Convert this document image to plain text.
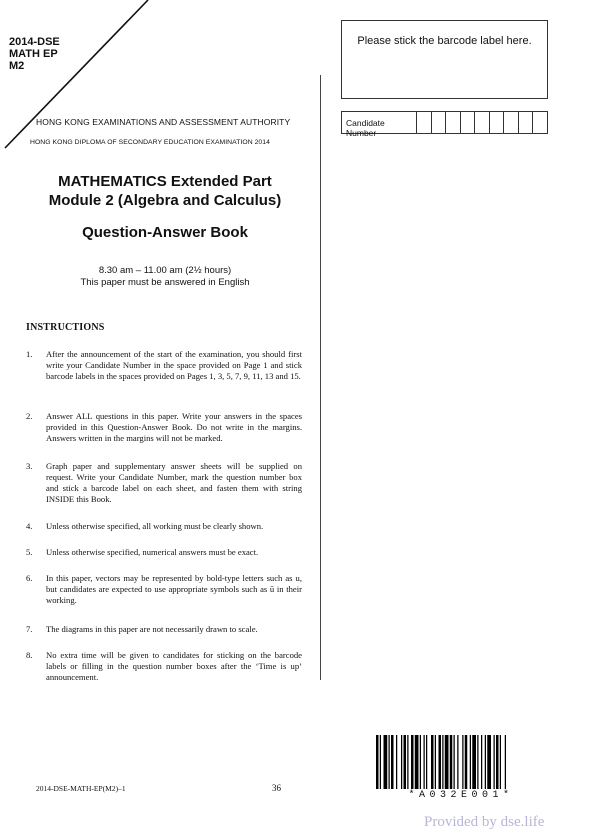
2014-DSE
MATH EP
M2
HONG KONG EXAMINATIONS AND ASSESSMENT AUTHORITY
HONG KONG DIPLOMA OF SECONDARY EDUCATION EXAMINATION 2014
MATHEMATICS Extended Part
Module 2 (Algebra and Calculus)
Question-Answer Book
8.30 am – 11.00 am (2½ hours)
This paper must be answered in English
Please stick the barcode label here.
Candidate Number
INSTRUCTIONS
1. After the announcement of the start of the examination, you should first write your Candidate Number in the space provided on Page 1 and stick barcode labels in the spaces provided on Pages 1, 3, 5, 7, 9, 11, 13 and 15.
2. Answer ALL questions in this paper. Write your answers in the spaces provided in this Question-Answer Book. Do not write in the margins. Answers written in the margins will not be marked.
3. Graph paper and supplementary answer sheets will be supplied on request. Write your Candidate Number, mark the question number box and stick a barcode label on each sheet, and fasten them with string INSIDE this Book.
4. Unless otherwise specified, all working must be clearly shown.
5. Unless otherwise specified, numerical answers must be exact.
6. In this paper, vectors may be represented by bold-type letters such as u, but candidates are expected to use appropriate symbols such as ū in their working.
7. The diagrams in this paper are not necessarily drawn to scale.
8. No extra time will be given to candidates for sticking on the barcode labels or filling in the question number boxes after the ‘Time is up’ announcement.
*A032E001*
2014-DSE-MATH-EP(M2)–1	36
Provided by dse.life
